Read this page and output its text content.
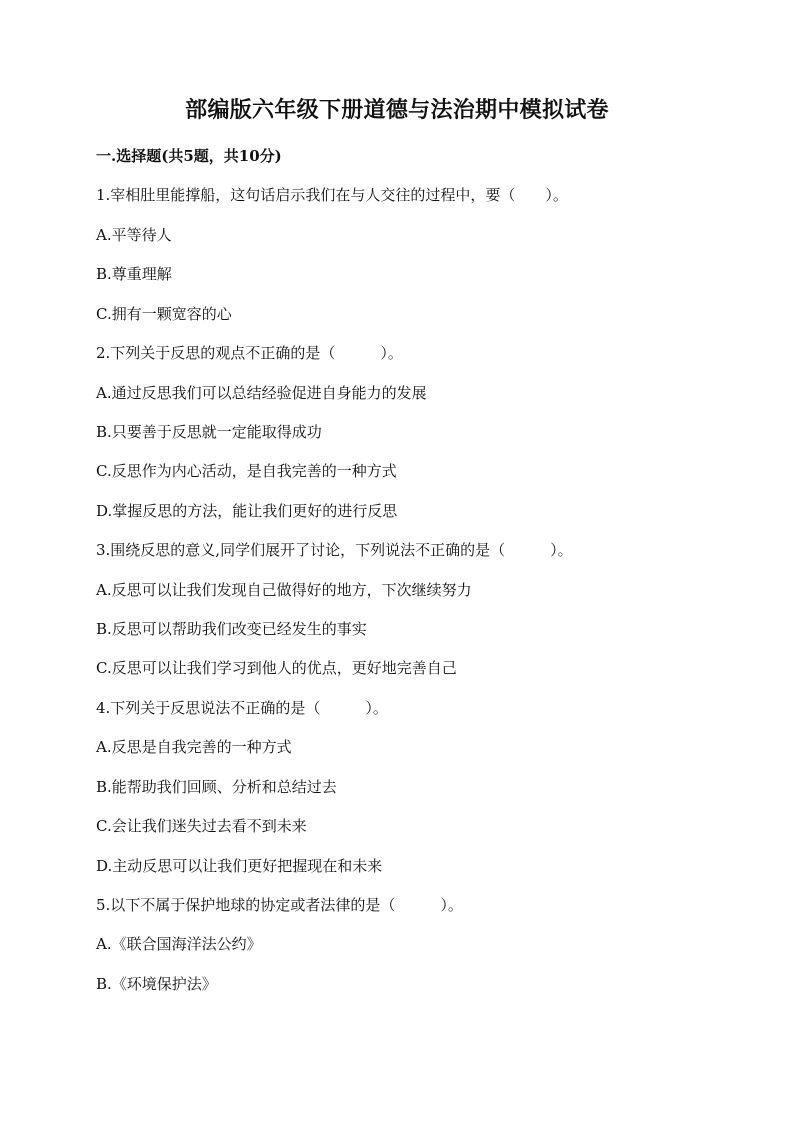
部编版六年级下册道德与法治期中模拟试卷
一.选择题(共5题，共10分)
1.宰相肚里能撑船，这句话启示我们在与人交往的过程中，要（　　）。
A.平等待人
B.尊重理解
C.拥有一颗宽容的心
2.下列关于反思的观点不正确的是（　　　）。
A.通过反思我们可以总结经验促进自身能力的发展
B.只要善于反思就一定能取得成功
C.反思作为内心活动，是自我完善的一种方式
D.掌握反思的方法，能让我们更好的进行反思
3.围绕反思的意义,同学们展开了讨论，下列说法不正确的是（　　　）。
A.反思可以让我们发现自己做得好的地方，下次继续努力
B.反思可以帮助我们改变已经发生的事实
C.反思可以让我们学习到他人的优点，更好地完善自己
4.下列关于反思说法不正确的是（　　　）。
A.反思是自我完善的一种方式
B.能帮助我们回顾、分析和总结过去
C.会让我们迷失过去看不到未来
D.主动反思可以让我们更好把握现在和未来
5.以下不属于保护地球的协定或者法律的是（　　　）。
A.《联合国海洋法公约》
B.《环境保护法》
